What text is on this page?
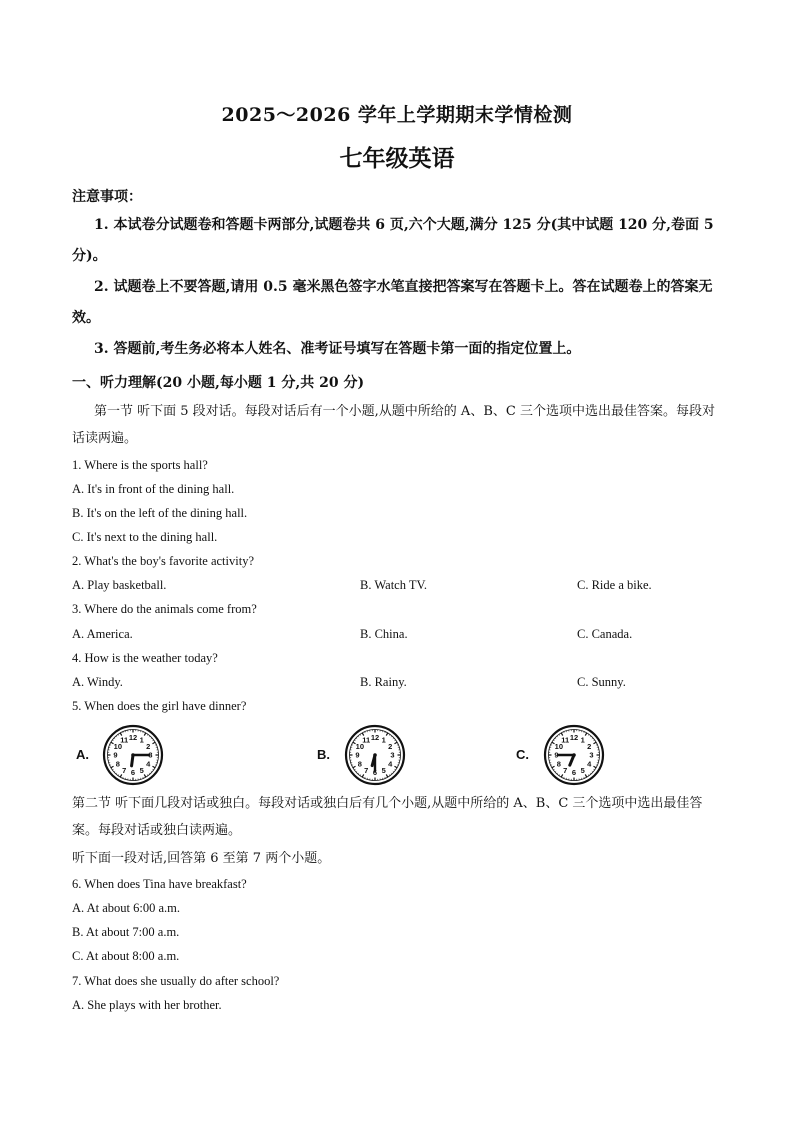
2025～2026 学年上学期期末学情检测
七年级英语
注意事项：
1. 本试卷分试题卷和答题卡两部分,试题卷共 6 页,六个大题,满分 125 分(其中试题 120 分,卷面 5 分)。
2. 试题卷上不要答题,请用 0.5 毫米黑色签字水笔直接把答案写在答题卡上。答在试题卷上的答案无效。
3. 答题前,考生务必将本人姓名、准考证号填写在答题卡第一面的指定位置上。
一、听力理解(20 小题,每小题 1 分,共 20 分)
第一节 听下面 5 段对话。每段对话后有一个小题,从题中所给的 A、B、C 三个选项中选出最佳答案。每段对话读两遍。
1. Where is the sports hall?
A. It's in front of the dining hall.
B. It's on the left of the dining hall.
C. It's next to the dining hall.
2. What's the boy's favorite activity?
A. Play basketball.	B. Watch TV.	C. Ride a bike.
3. Where do the animals come from?
A. America.	B. China.	C. Canada.
4. How is the weather today?
A. Windy.	B. Rainy.	C. Sunny.
5. When does the girl have dinner?
A.
1
2
3
4
5
6
7
8
9
10
11 12
B.
1
2
3
4
5
6
7
8
9
10
11 12
C.
1
2
3
4
5
6
7
8
9
10
11 12
第二节 听下面几段对话或独白。每段对话或独白后有几个小题,从题中所给的 A、B、C 三个选项中选出最佳答案。每段对话或独白读两遍。
听下面一段对话,回答第 6 至第 7 两个小题。
6. When does Tina have breakfast?
A. At about 6:00 a.m.
B. At about 7:00 a.m.
C. At about 8:00 a.m.
7. What does she usually do after school?
A. She plays with her brother.
